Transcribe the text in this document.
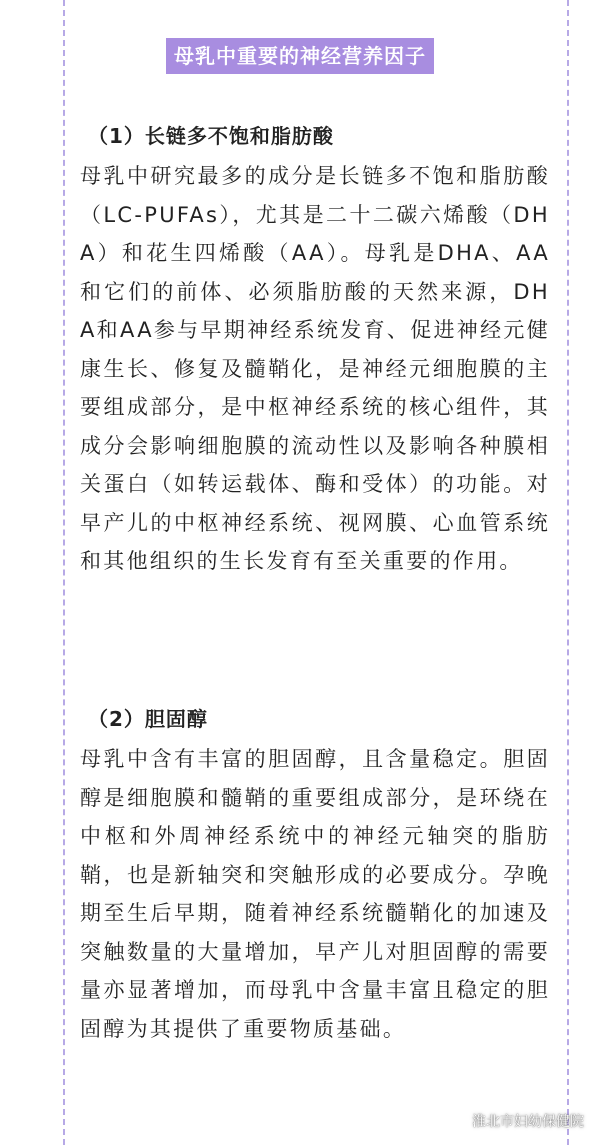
母乳中重要的神经营养因子
（1）长链多不饱和脂肪酸

母乳中研究最多的成分是长链多不饱和脂肪酸（LC-PUFAs），尤其是二十二碳六烯酸（DHA）和花生四烯酸（AA）。母乳是DHA、AA和它们的前体、必须脂肪酸的天然来源，DHA和AA参与早期神经系统发育、促进神经元健康生长、修复及髓鞘化，是神经元细胞膜的主要组成部分，是中枢神经系统的核心组件，其成分会影响细胞膜的流动性以及影响各种膜相关蛋白（如转运载体、酶和受体）的功能。对早产儿的中枢神经系统、视网膜、心血管系统和其他组织的生长发育有至关重要的作用。

（2）胆固醇

母乳中含有丰富的胆固醇，且含量稳定。胆固醇是细胞膜和髓鞘的重要组成部分，是环绕在中枢和外周神经系统中的神经元轴突的脂肪鞘，也是新轴突和突触形成的必要成分。孕晚期至生后早期，随着神经系统髓鞘化的加速及突触数量的大量增加，早产儿对胆固醇的需要量亦显著增加，而母乳中含量丰富且稳定的胆固醇为其提供了重要物质基础。

淮北市妇幼保健院
